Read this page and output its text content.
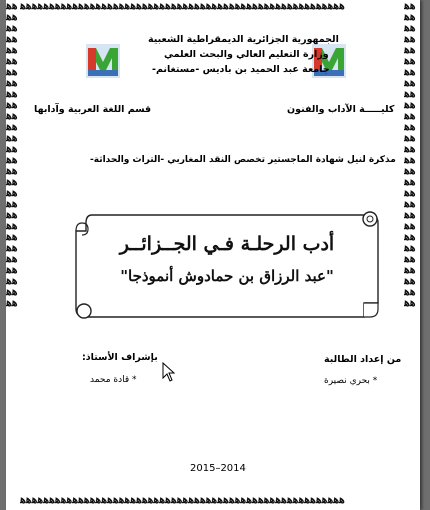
ﻫﻫﻫﻫﻫﻫﻫﻫﻫﻫﻫﻫﻫﻫﻫﻫﻫﻫﻫﻫﻫﻫﻫﻫﻫﻫﻫﻫﻫﻫﻫﻫﻫﻫﻫﻫﻫﻫﻫﻫﻫﻫﻫﻫﻫﻫﻫﻫﻫﻫﻫﻫﻫﻫﻫﻫ
ﻫﻫﻫﻫﻫﻫﻫﻫﻫﻫﻫﻫﻫﻫﻫﻫﻫﻫﻫﻫﻫﻫﻫﻫﻫﻫﻫﻫﻫﻫﻫﻫﻫﻫﻫﻫﻫﻫﻫﻫﻫﻫﻫﻫﻫﻫﻫﻫﻫﻫﻫﻫﻫﻫﻫﻫ
ﻫﻫﻫﻫﻫﻫﻫﻫﻫﻫﻫﻫﻫﻫﻫﻫﻫﻫﻫﻫﻫﻫﻫﻫﻫﻫﻫﻫﻫﻫﻫﻫﻫﻫﻫﻫﻫﻫﻫﻫﻫﻫﻫﻫﻫﻫﻫﻫﻫﻫﻫﻫﻫﻫﻫﻫ
ﻫﻫﻫﻫﻫﻫﻫﻫﻫﻫﻫﻫﻫﻫﻫﻫﻫﻫﻫﻫﻫﻫﻫﻫﻫﻫﻫﻫﻫﻫﻫﻫﻫﻫﻫﻫﻫﻫﻫﻫﻫﻫﻫﻫﻫﻫﻫﻫﻫﻫﻫﻫﻫﻫﻫﻫ
الجمهورية الجزائرية الديمقراطية الشعبية
وزارة التعليم العالي والبحث العلمي
جامعة عبد الحميد بن باديس -مستغانم-
كليـــــة الآداب والفنون
قسم اللغة العربية وآدابها
مذكرة لنيل شهادة الماجستير تخصص النقد المغاربي -التراث والحداثة-
أدب الرحلـة فـي الجــزائــر
"عبد الرزاق بن حمادوش أنموذجا"
من إعداد الطالبة
* بحري نصيرة
بإشراف الأستاذ:
* قادة محمد
2015–2014
